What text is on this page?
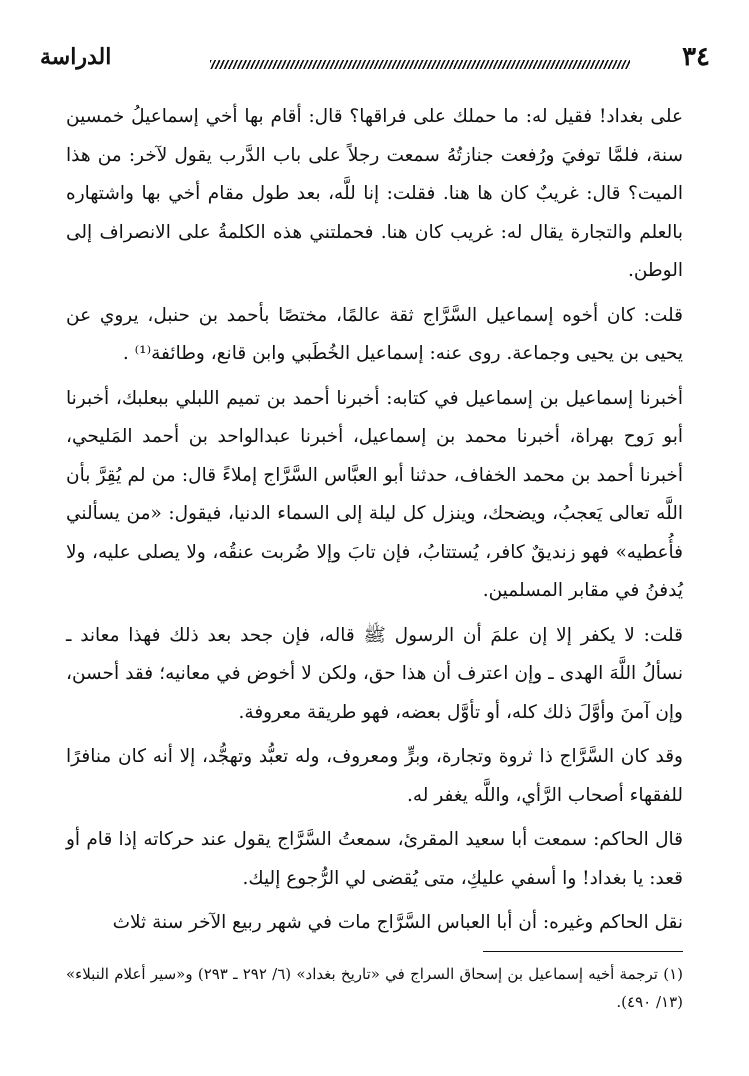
٣٤
الدراسة

على بغداد! فقيل له: ما حملك على فراقها؟ قال: أقام بها أخي إسماعيلُ خمسين سنة، فلمَّا توفيَ ورُفعت جنازتُهُ سمعت رجلاً على باب الدَّرب يقول لآخر: من هذا الميت؟ قال: غريبٌ كان ها هنا. فقلت: إنا للَّه، بعد طول مقام أخي بها واشتهاره بالعلم والتجارة يقال له: غريب كان هنا. فحملتني هذه الكلمةُ على الانصراف إلى الوطن.

قلت: كان أخوه إسماعيل السَّرَّاج ثقة عالمًا، مختصًا بأحمد بن حنبل، يروي عن يحيى بن يحيى وجماعة. روى عنه: إسماعيل الخُطَبي وابن قانع، وطائفة⁽¹⁾ .

أخبرنا إسماعيل بن إسماعيل في كتابه: أخبرنا أحمد بن تميم اللبلي ببعلبك، أخبرنا أبو رَوح بهراة، أخبرنا محمد بن إسماعيل، أخبرنا عبدالواحد بن أحمد المَليحي، أخبرنا أحمد بن محمد الخفاف، حدثنا أبو العبَّاس السَّرَّاج إملاءً قال: من لم يُقِرَّ بأن اللَّه تعالى يَعجبُ، ويضحك، وينزل كل ليلة إلى السماء الدنيا، فيقول: «من يسألني فأُعطيه» فهو زنديقٌ كافر، يُستتابُ، فإن تابَ وإلا ضُربت عنقُه، ولا يصلى عليه، ولا يُدفنُ في مقابر المسلمين.

قلت: لا يكفر إلا إن علمَ أن الرسول ﷺ قاله، فإن جحد بعد ذلك فهذا معاند ـ نسألُ اللَّهَ الهدى ـ وإن اعترف أن هذا حق، ولكن لا أخوض في معانيه؛ فقد أحسن، وإن آمنَ وأوَّلَ ذلك كله، أو تأوَّل بعضه، فهو طريقة معروفة.

وقد كان السَّرَّاج ذا ثروة وتجارة، وبرٍّ ومعروف، وله تعبُّد وتهجُّد، إلا أنه كان منافرًا للفقهاء أصحاب الرَّأي، واللَّه يغفر له.

قال الحاكم: سمعت أبا سعيد المقرئ، سمعتُ السَّرَّاج يقول عند حركاته إذا قام أو قعد: يا بغداد! وا أسفي عليكِ، متى يُقضى لي الرُّجوع إليك.

نقل الحاكم وغيره: أن أبا العباس السَّرَّاج مات في شهر ربيع الآخر سنة ثلاث

(١) ترجمة أخيه إسماعيل بن إسحاق السراج في «تاريخ بغداد» (٦/ ٢٩٢ ـ ٢٩٣) و«سير أعلام النبلاء» (١٣/ ٤٩٠).
